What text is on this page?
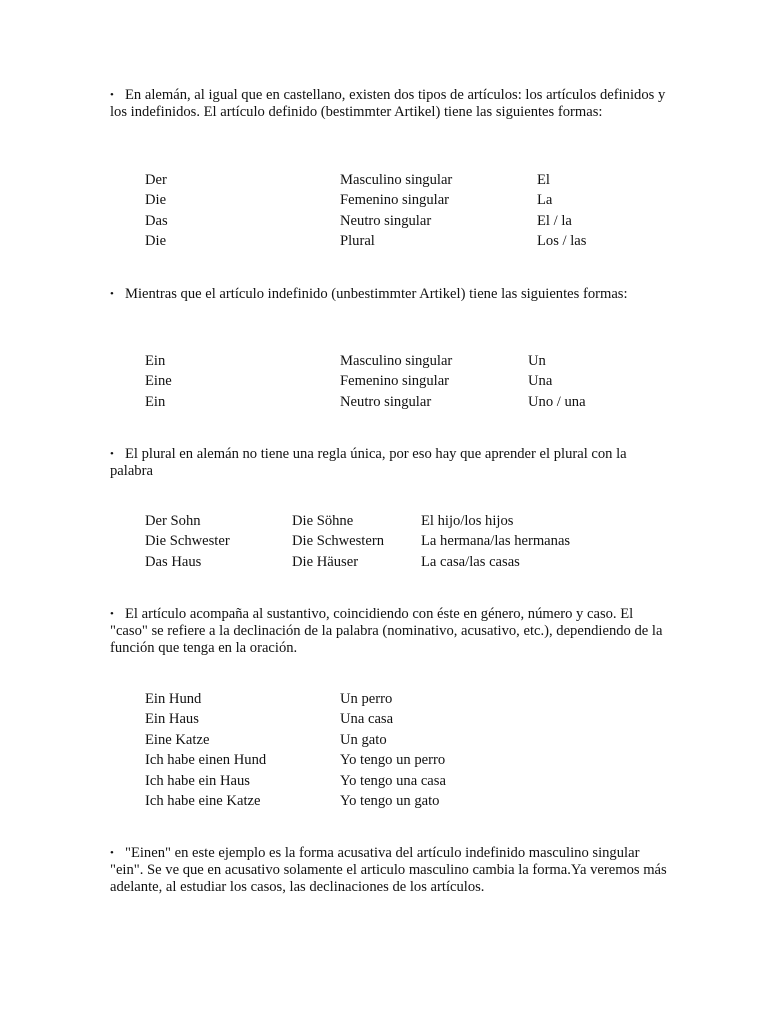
• En alemán, al igual que en castellano, existen dos tipos de artículos: los artículos definidos y los indefinidos. El artículo definido (bestimmter Artikel) tiene las siguientes formas:

Der	Masculino singular	El
Die	Femenino singular	La
Das	Neutro singular	El / la
Die	Plural	Los / las

• Mientras que el artículo indefinido (unbestimmter Artikel) tiene las siguientes formas:

Ein	Masculino singular	Un
Eine	Femenino singular	Una
Ein	Neutro singular	Uno / una

• El plural en alemán no tiene una regla única, por eso hay que aprender el plural con la palabra

Der Sohn	Die Söhne	El hijo/los hijos
Die Schwester	Die Schwestern	La hermana/las hermanas
Das Haus	Die Häuser	La casa/las casas

• El artículo acompaña al sustantivo, coincidiendo con éste en género, número y caso. El "caso" se refiere a la declinación de la palabra (nominativo, acusativo, etc.), dependiendo de la función que tenga en la oración.

Ein Hund	Un perro
Ein Haus	Una casa
Eine Katze	Un gato
Ich habe einen Hund	Yo tengo un perro
Ich habe ein Haus	Yo tengo una casa
Ich habe eine Katze	Yo tengo un gato

• "Einen" en este ejemplo es la forma acusativa del artículo indefinido masculino singular "ein". Se ve que en acusativo solamente el articulo masculino cambia la forma.Ya veremos más adelante, al estudiar los casos, las declinaciones de los artículos.
